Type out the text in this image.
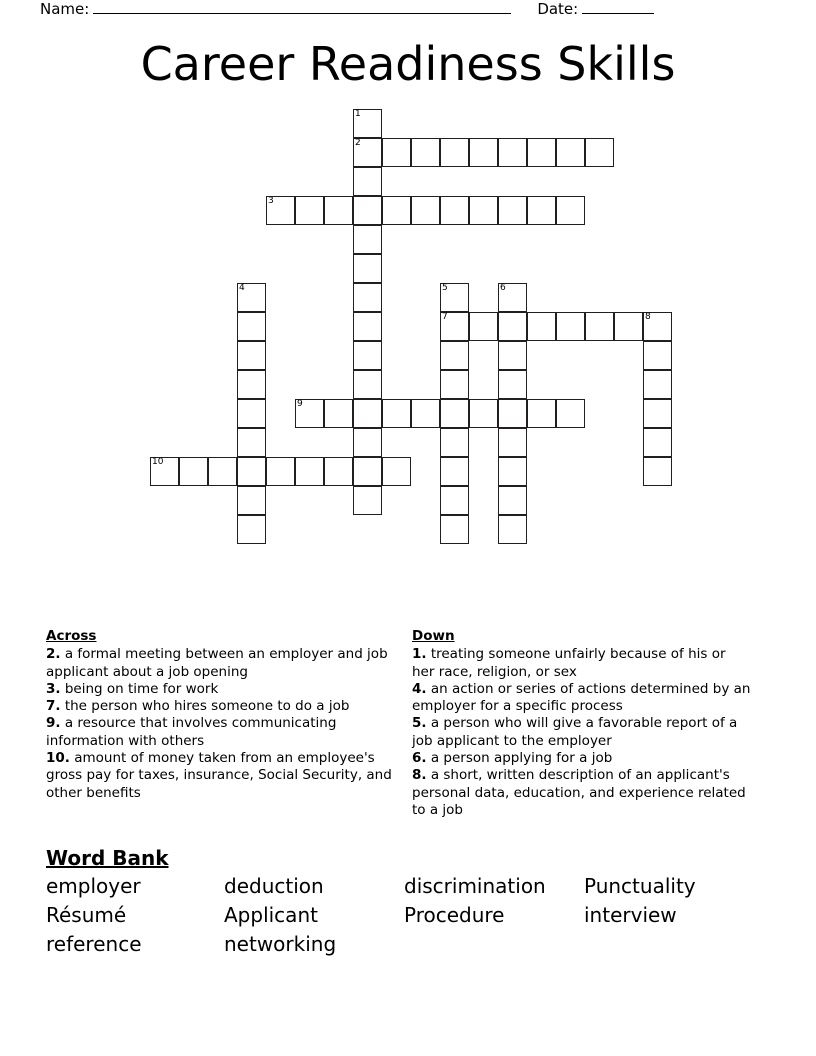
Name:	Date:
Career Readiness Skills
1
2
3
4	5
7
6
8
9
10
Across

2. a formal meeting between an employer and job applicant about a job opening

3. being on time for work

7. the person who hires someone to do a job

9. a resource that involves communicating information with others

10. amount of money taken from an employee's gross pay for taxes, insurance, Social Security, and other benefits

Down

1. treating someone unfairly because of his or her race, religion, or sex

4. an action or series of actions determined by an employer for a specific process

5. a person who will give a favorable report of a job applicant to the employer

6. a person applying for a job

8. a short, written description of an applicant's personal data, education, and experience related to a job

Word Bank
employer	deduction	discrimination	Punctuality
Résumé	Applicant	Procedure	interview
reference	networking
